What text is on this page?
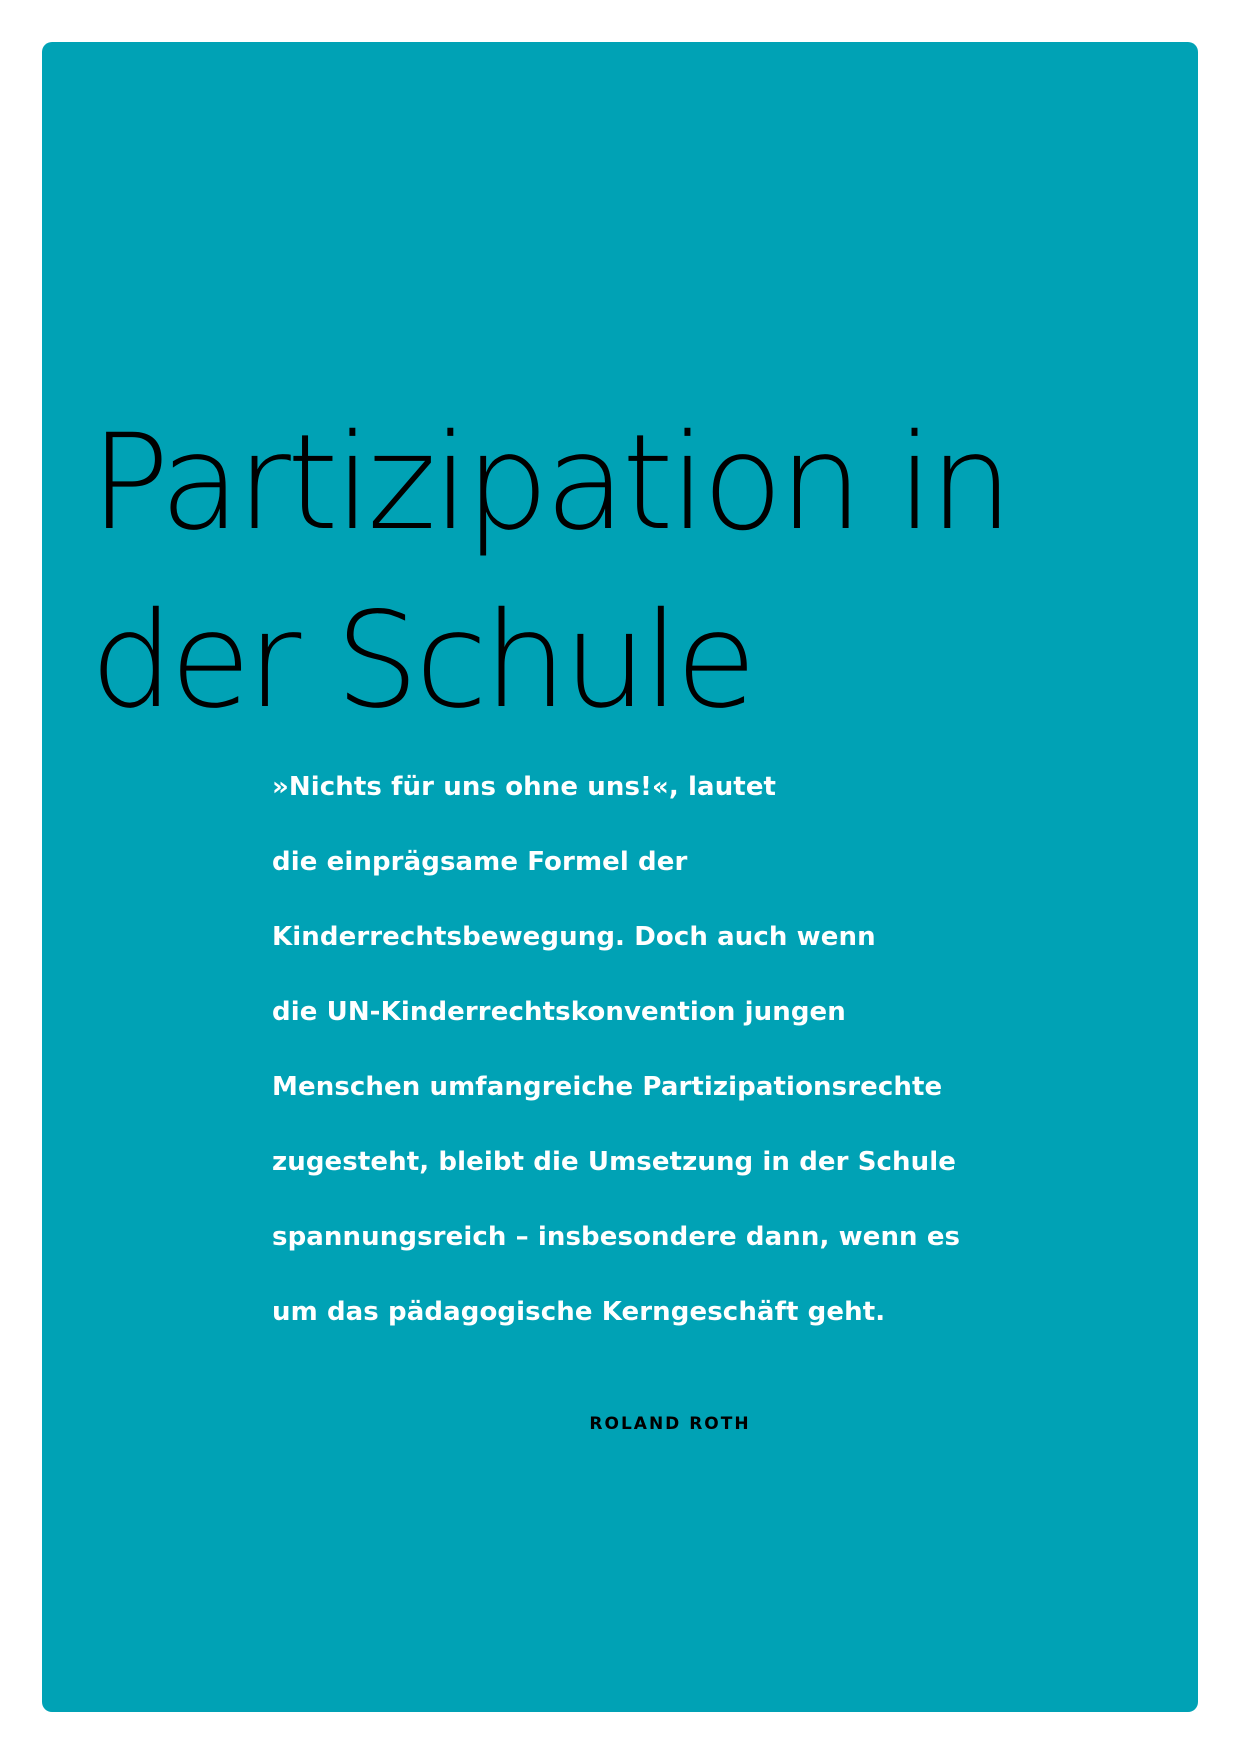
Partizipation in
der Schule

»Nichts für uns ohne uns!«, lautet
die einprägsame Formel der
Kinderrechtsbewegung. Doch auch wenn
die UN-Kinderrechtskonvention jungen
Menschen umfangreiche Partizipationsrechte
zugesteht, bleibt die Umsetzung in der Schule
spannungsreich – insbesondere dann, wenn es
um das pädagogische Kerngeschäft geht.

ROLAND ROTH
